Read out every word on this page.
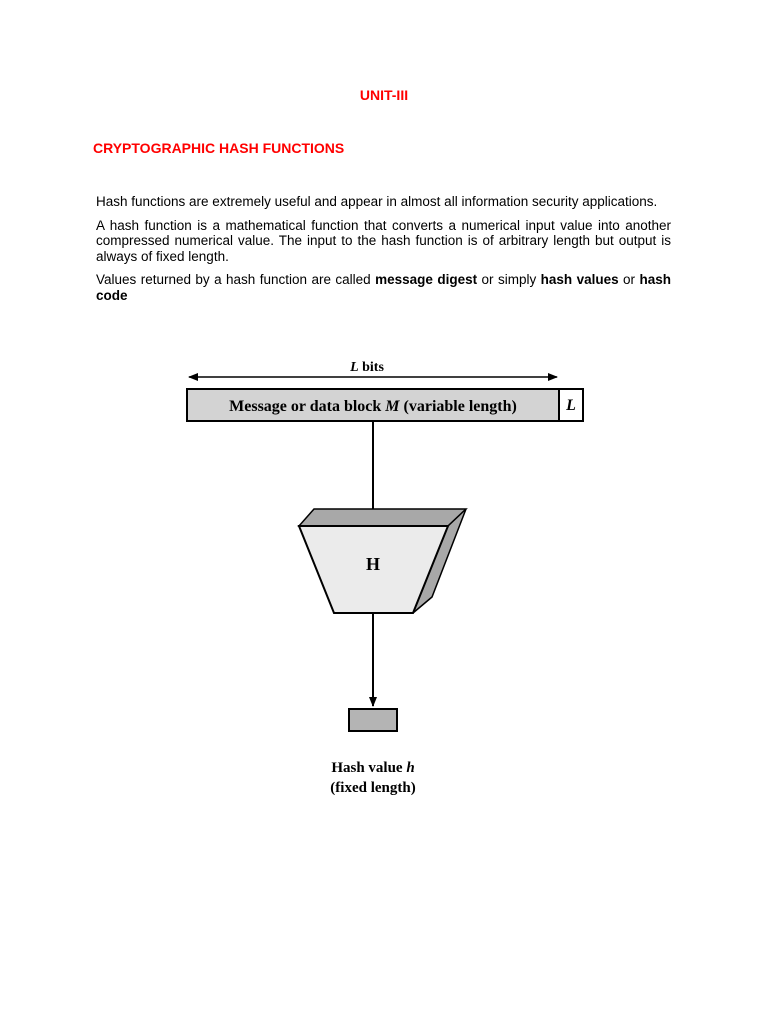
UNIT-III
CRYPTOGRAPHIC HASH FUNCTIONS

Hash functions are extremely useful and appear in almost all information security applications.

A hash function is a mathematical function that converts a numerical input value into another compressed numerical value. The input to the hash function is of arbitrary length but output is always of fixed length.

Values returned by a hash function are called message digest or simply hash values or hash code

L bits
Message or data block M (variable length)	L
H
Hash value h
(fixed length)
